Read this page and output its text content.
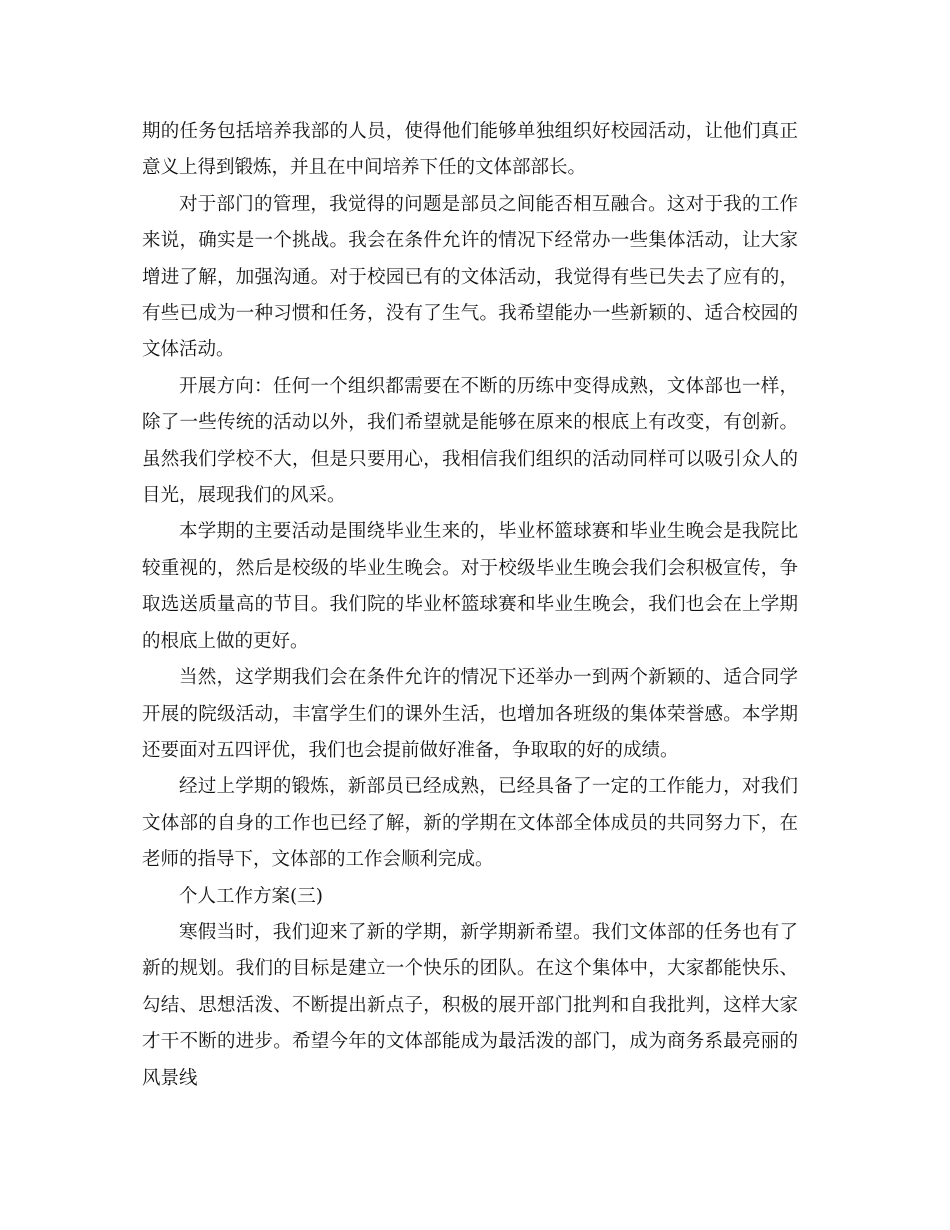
期的任务包括培养我部的人员，使得他们能够单独组织好校园活动，让他们真正意义上得到锻炼，并且在中间培养下任的文体部部长。

对于部门的管理，我觉得的问题是部员之间能否相互融合。这对于我的工作来说，确实是一个挑战。我会在条件允许的情况下经常办一些集体活动，让大家增进了解，加强沟通。对于校园已有的文体活动，我觉得有些已失去了应有的，有些已成为一种习惯和任务，没有了生气。我希望能办一些新颖的、适合校园的文体活动。

开展方向：任何一个组织都需要在不断的历练中变得成熟，文体部也一样，除了一些传统的活动以外，我们希望就是能够在原来的根底上有改变，有创新。虽然我们学校不大，但是只要用心，我相信我们组织的活动同样可以吸引众人的目光，展现我们的风采。

本学期的主要活动是围绕毕业生来的，毕业杯篮球赛和毕业生晚会是我院比较重视的，然后是校级的毕业生晚会。对于校级毕业生晚会我们会积极宣传，争取选送质量高的节目。我们院的毕业杯篮球赛和毕业生晚会，我们也会在上学期的根底上做的更好。

当然，这学期我们会在条件允许的情况下还举办一到两个新颖的、适合同学开展的院级活动，丰富学生们的课外生活，也增加各班级的集体荣誉感。本学期还要面对五四评优，我们也会提前做好准备，争取取的好的成绩。

经过上学期的锻炼，新部员已经成熟，已经具备了一定的工作能力，对我们文体部的自身的工作也已经了解，新的学期在文体部全体成员的共同努力下，在老师的指导下，文体部的工作会顺利完成。

个人工作方案(三)

寒假当时，我们迎来了新的学期，新学期新希望。我们文体部的任务也有了新的规划。我们的目标是建立一个快乐的团队。在这个集体中，大家都能快乐、勾结、思想活泼、不断提出新点子，积极的展开部门批判和自我批判，这样大家才干不断的进步。希望今年的文体部能成为最活泼的部门，成为商务系最亮丽的风景线
